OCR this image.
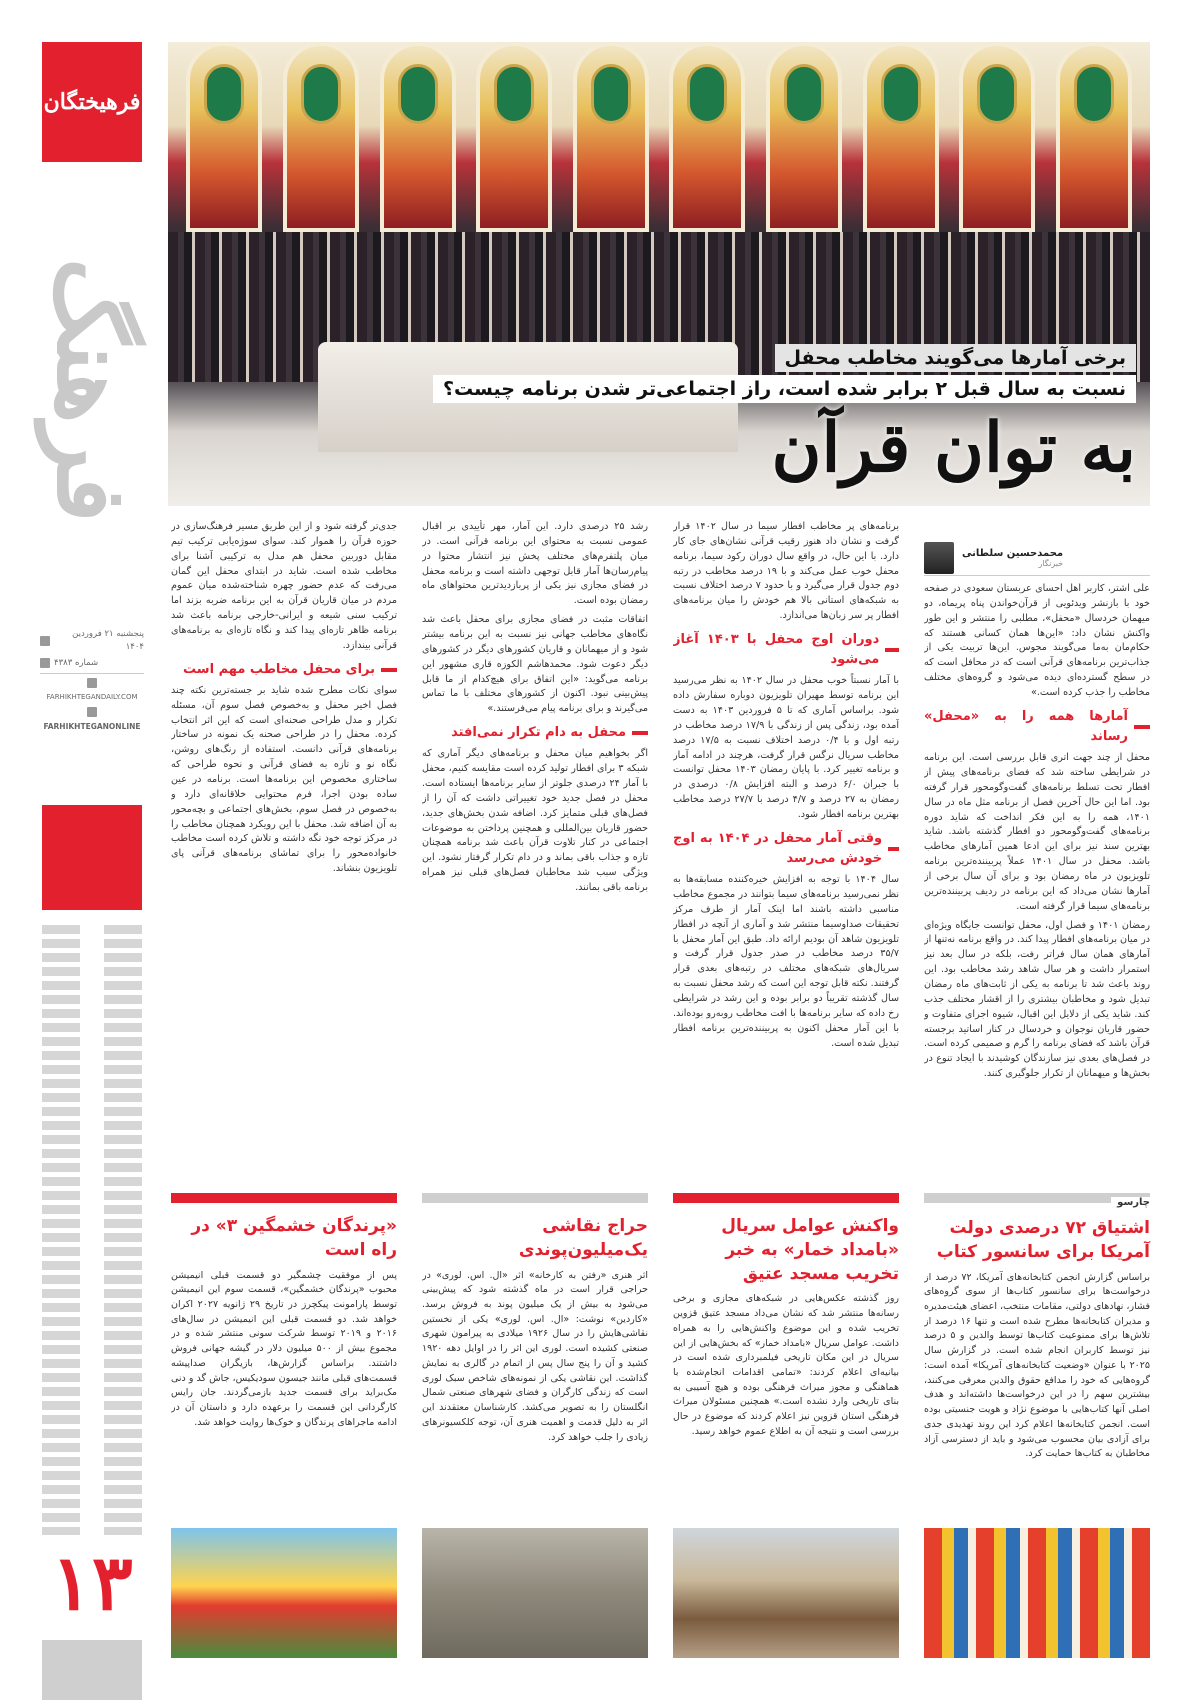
فرهیختگان
فرهنگ
پنجشنبه ۲۱ فروردین ۱۴۰۴
شماره ۴۳۸۳
FARHIKHTEGANDAILY.COM
FARHIKHTEGANONLINE
۱۳
برخی آمارها می‌گویند مخاطب محفل
نسبت به سال قبل ۲ برابر شده است، راز اجتماعی‌تر شدن برنامه چیست؟
به توان قرآن
محمدحسین سلطانی
خبرنگار

علی اشتر، کاربر اهل احسای عربستان سعودی در صفحه خود با بازنشر ویدئویی از قرآن‌خواندن پناه پریماه، دو میهمان خردسال «محفل»، مطلبی را منتشر و این طور واکنش نشان داد: «این‌ها همان کسانی هستند که حکام‌مان به‌ما می‌گویند مجوس. این‌ها تربیت یکی از جذاب‌ترین برنامه‌های قرآنی است که در محافل است که در سطح گسترده‌ای دیده می‌شود و گروه‌های مختلف مخاطب را جذب کرده است.»

آمارها همه را به «محفل» رساند

محفل از چند جهت اتری قابل بررسی است. این برنامه در شرایطی ساخته شد که فضای برنامه‌های پیش از افطار تحت تسلط برنامه‌های گفت‌وگومحور قرار گرفته بود. اما این حال آخرین فصل از برنامه مثل ماه در سال ۱۴۰۱، همه را به این فکر انداخت که شاید دوره برنامه‌های گفت‌وگومحور دو افطار گذشته باشد. شاید بهترین سند نیز برای این ادعا همین آمارهای مخاطب باشد. محفل در سال ۱۴۰۱ عملاً پربیننده‌ترین برنامه تلویزیون در ماه رمضان بود و برای آن سال برخی از آمارها نشان می‌داد که این برنامه در ردیف پربیننده‌ترین برنامه‌های سیما قرار گرفته است.

رمضان ۱۴۰۱ و فصل اول، محفل توانست جایگاه ویژه‌ای در میان برنامه‌های افطار پیدا کند. در واقع برنامه نه‌تنها از آمارهای همان سال فراتر رفت، بلکه در سال بعد نیز استمرار داشت و هر سال شاهد رشد مخاطب بود. این روند باعث شد تا برنامه به یکی از ثابت‌های ماه رمضان تبدیل شود و مخاطبان بیشتری را از اقشار مختلف جذب کند. شاید یکی از دلایل این اقبال، شیوه اجرای متفاوت و حضور قاریان نوجوان و خردسال در کنار اساتید برجسته قرآن باشد که فضای برنامه را گرم و صمیمی کرده است. در فصل‌های بعدی نیز سازندگان کوشیدند با ایجاد تنوع در بخش‌ها و میهمانان از تکرار جلوگیری کنند.

برنامه‌های پر مخاطب افطار سیما در سال ۱۴۰۲ قرار گرفت و نشان داد هنوز رقیب قرآنی نشان‌های جای کار دارد. با این حال، در واقع سال دوران رکود سیما، برنامه محفل خوب عمل می‌کند و با ۱۹ درصد مخاطب در رتبه دوم جدول قرار می‌گیرد و با حدود ۷ درصد اختلاف نسبت به شبکه‌های استانی بالا هم خودش را میان برنامه‌های افطار پر سر زبان‌ها می‌اندازد.

دوران اوج محفل با ۱۴۰۳ آغاز می‌شود

با آمار نسبتاً خوب محفل در سال ۱۴۰۲ به نظر می‌رسید این برنامه توسط مهیران تلویزیون دوباره سفارش داده شود. براساس آماری که تا ۵ فروردین ۱۴۰۳ به دست آمده بود، زندگی پس از زندگی با ۱۷/۹ درصد مخاطب در رتبه اول و با ۰/۴ درصد اختلاف نسبت به ۱۷/۵ درصد مخاطب سریال نرگس قرار گرفت، هرچند در ادامه آمار و برنامه تغییر کرد. با پایان رمضان ۱۴۰۳ محفل توانست با جبران ۶/۰ درصد و البته افزایش ۰/۸ درصدی در رمضان به ۲۷ درصد و ۴/۷ درصد با ۲۷/۷ درصد مخاطب بهترین برنامه افطار شود.

وقتی آمار محفل در ۱۴۰۴ به اوج خودش می‌رسد

سال ۱۴۰۴ با توجه به افزایش خیره‌کننده مسابقه‌ها به نظر نمی‌رسید برنامه‌های سیما بتوانند در مجموع مخاطب مناسبی داشته باشند اما اینک آمار از طرف مرکز تحقیقات صداوسیما منتشر شد و آماری از آنچه در افطار تلویزیون شاهد آن بودیم ارائه داد. طبق این آمار محفل با ۳۵/۷ درصد مخاطب در صدر جدول قرار گرفت و سریال‌های شبکه‌های مختلف در رتبه‌های بعدی قرار گرفتند. نکته قابل توجه این است که رشد محفل نسبت به سال گذشته تقریباً دو برابر بوده و این رشد در شرایطی رخ داده که سایر برنامه‌ها با افت مخاطب روبه‌رو بوده‌اند. با این آمار محفل اکنون به پربیننده‌ترین برنامه افطار تبدیل شده است.

رشد ۲۵ درصدی دارد. این آمار، مهر تأییدی بر اقبال عمومی نسبت به محتوای این برنامه قرآنی است. در میان پلتفرم‌های مختلف پخش نیز انتشار محتوا در پیام‌رسان‌ها آمار قابل توجهی داشته است و برنامه محفل در فضای مجازی نیز یکی از پربازدیدترین محتواهای ماه رمضان بوده است.

اتفاقات مثبت در فضای مجازی برای محفل باعث شد نگاه‌های مخاطب جهانی نیز نسبت به این برنامه بیشتر شود و از میهمانان و قاریان کشورهای دیگر در کشورهای دیگر دعوت شود. محمدهاشم الکوزه قاری مشهور این برنامه می‌گوید: «این اتفاق برای هیچ‌کدام از ما قابل پیش‌بینی نبود. اکنون از کشورهای مختلف با ما تماس می‌گیرند و برای برنامه پیام می‌فرستند.»

محفل به دام تکرار نمی‌افتد

اگر بخواهیم میان محفل و برنامه‌های دیگر آماری که شبکه ۳ برای افطار تولید کرده است مقایسه کنیم، محفل با آمار ۲۴ درصدی جلوتر از سایر برنامه‌ها ایستاده است. محفل در فصل جدید خود تغییراتی داشت که آن را از فصل‌های قبلی متمایز کرد. اضافه شدن بخش‌های جدید، حضور قاریان بین‌المللی و همچنین پرداختن به موضوعات اجتماعی در کنار تلاوت قرآن باعث شد برنامه همچنان تازه و جذاب باقی بماند و در دام تکرار گرفتار نشود. این ویژگی سبب شد مخاطبان فصل‌های قبلی نیز همراه برنامه باقی بمانند.

جدی‌تر گرفته شود و از این طریق مسیر فرهنگ‌سازی در حوزه قرآن را هموار کند. سوای سوژه‌یابی ترکیب تیم مقابل دوربین محفل هم مدل به ترکیبی آشنا برای مخاطب شده است. شاید در ابتدای محفل این گمان می‌رفت که عدم حضور چهره شناخته‌شده میان عموم مردم در میان قاریان قرآن به این برنامه ضربه بزند اما ترکیب سنی شیعه و ایرانی-خارجی برنامه باعث شد برنامه ظاهر تازه‌ای پیدا کند و نگاه تازه‌ای به برنامه‌های قرآنی بیندازد.

برای محفل مخاطب مهم است

سوای نکات مطرح شده شاید بر جسته‌ترین نکته چند فصل اخیر محفل و به‌خصوص فصل سوم آن، مسئله تکرار و مدل طراحی صحنه‌ای است که این اثر انتخاب کرده. محفل را در طراحی صحنه یک نمونه در ساختار برنامه‌های قرآنی دانست. استفاده از رنگ‌های روشن، نگاه نو و تازه به فضای قرآنی و نحوه طراحی که ساختاری مخصوص این برنامه‌ها است. برنامه در عین ساده بودن اجرا، فرم محتوایی خلاقانه‌ای دارد و به‌خصوص در فصل سوم، بخش‌های اجتماعی و بچه‌محور به آن اضافه شد. محفل با این رویکرد همچنان مخاطب را در مرکز توجه خود نگه داشته و تلاش کرده است مخاطب خانواده‌محور را برای تماشای برنامه‌های قرآنی پای تلویزیون بنشاند.

چارسو
اشتیاق ۷۲ درصدی دولت آمریکا برای سانسور کتاب
براساس گزارش انجمن کتابخانه‌های آمریکا، ۷۲ درصد از درخواست‌ها برای سانسور کتاب‌ها از سوی گروه‌های فشار، نهادهای دولتی، مقامات منتخب، اعضای هیئت‌مدیره و مدیران کتابخانه‌ها مطرح شده است و تنها ۱۶ درصد از تلاش‌ها برای ممنوعیت کتاب‌ها توسط والدین و ۵ درصد نیز توسط کاربران انجام شده است. در گزارش سال ۲۰۲۵ با عنوان «وضعیت کتابخانه‌های آمریکا» آمده است: گروه‌هایی که خود را مدافع حقوق والدین معرفی می‌کنند، بیشترین سهم را در این درخواست‌ها داشته‌اند و هدف اصلی آنها کتاب‌هایی با موضوع نژاد و هویت جنسیتی بوده است. انجمن کتابخانه‌ها اعلام کرد این روند تهدیدی جدی برای آزادی بیان محسوب می‌شود و باید از دسترسی آزاد مخاطبان به کتاب‌ها حمایت کرد.
واکنش عوامل سریال «بامداد خمار» به خبر تخریب مسجد عتیق
روز گذشته عکس‌هایی در شبکه‌های مجازی و برخی رسانه‌ها منتشر شد که نشان می‌داد مسجد عتیق قزوین تخریب شده و این موضوع واکنش‌هایی را به همراه داشت. عوامل سریال «بامداد خمار» که بخش‌هایی از این سریال در این مکان تاریخی فیلمبرداری شده است در بیانیه‌ای اعلام کردند: «تمامی اقدامات انجام‌شده با هماهنگی و مجوز میراث فرهنگی بوده و هیچ آسیبی به بنای تاریخی وارد نشده است.» همچنین مسئولان میراث فرهنگی استان قزوین نیز اعلام کردند که موضوع در حال بررسی است و نتیجه آن به اطلاع عموم خواهد رسید.
حراج نقاشی یک‌میلیون‌پوندی
اثر هنری «رفتن به کارخانه» اثر «ال. اس. لوری» در حراجی قرار است در ماه گذشته شود که پیش‌بینی می‌شود به بیش از یک میلیون پوند به فروش برسد. «کاردین» نوشت: «ال. اس. لوری» یکی از نخستین نقاشی‌هایش را در سال ۱۹۲۶ میلادی به پیرامون شهری صنعتی کشیده است. لوری این اثر را در اوایل دهه ۱۹۲۰ کشید و آن را پنج سال پس از اتمام در گالری به نمایش گذاشت. این نقاشی یکی از نمونه‌های شاخص سبک لوری است که زندگی کارگران و فضای شهرهای صنعتی شمال انگلستان را به تصویر می‌کشد. کارشناسان معتقدند این اثر به دلیل قدمت و اهمیت هنری آن، توجه کلکسیونرهای زیادی را جلب خواهد کرد.
«پرندگان خشمگین ۳» در راه است
پس از موفقیت چشمگیر دو قسمت قبلی انیمیشن محبوب «پرندگان خشمگین»، قسمت سوم این انیمیشن توسط پارامونت پیکچرز در تاریخ ۲۹ ژانویه ۲۰۲۷ اکران خواهد شد. دو قسمت قبلی این انیمیشن در سال‌های ۲۰۱۶ و ۲۰۱۹ توسط شرکت سونی منتشر شده و در مجموع بیش از ۵۰۰ میلیون دلار در گیشه جهانی فروش داشتند. براساس گزارش‌ها، بازیگران صداپیشه قسمت‌های قبلی مانند جیسون سودیکیس، جاش گد و دنی مک‌براید برای قسمت جدید بازمی‌گردند. جان رایس کارگردانی این قسمت را برعهده دارد و داستان آن در ادامه ماجراهای پرندگان و خوک‌ها روایت خواهد شد.
